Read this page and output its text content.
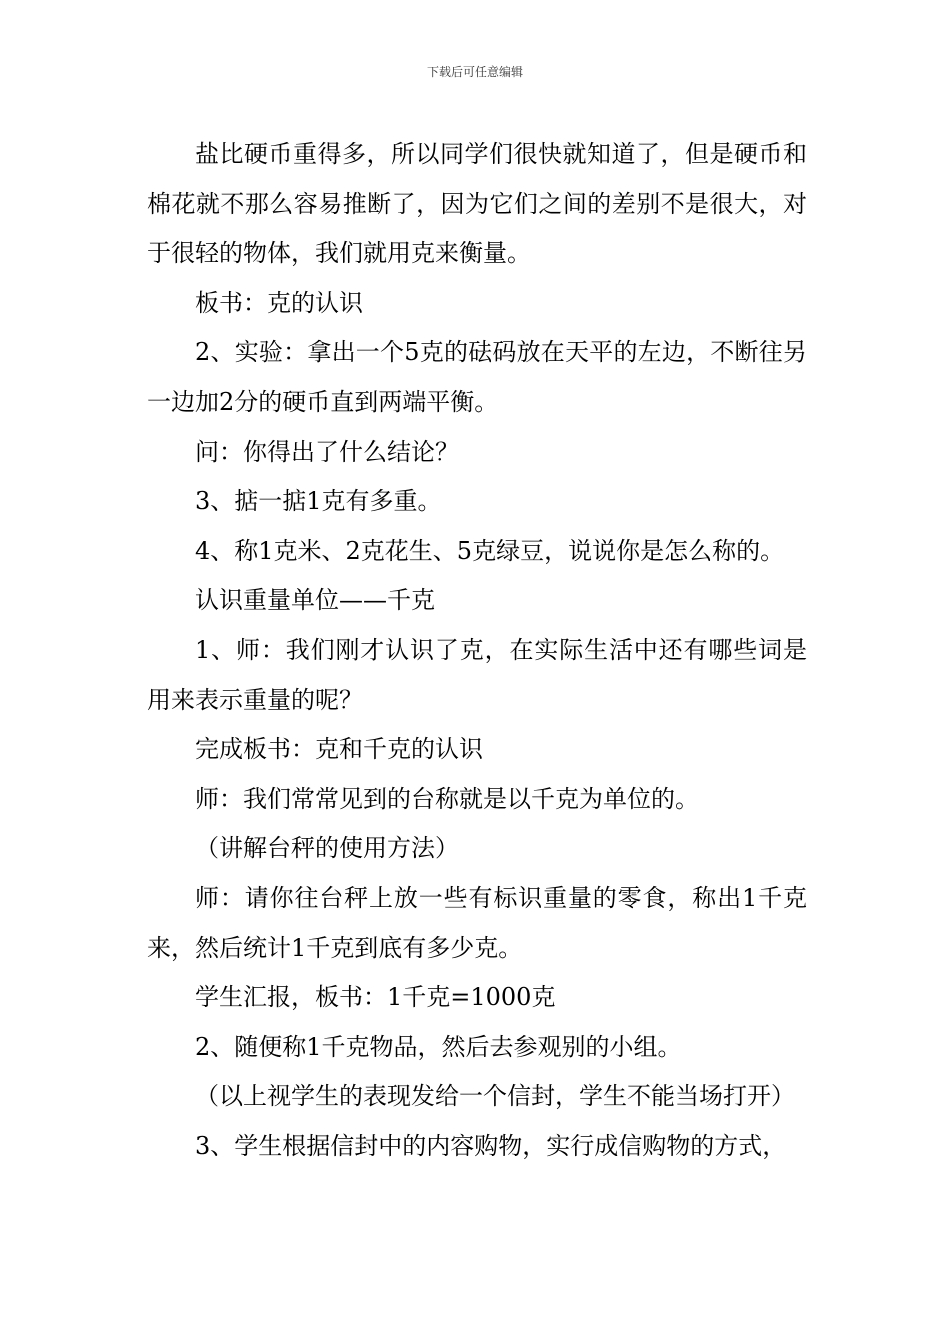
下载后可任意编辑

盐比硬币重得多，所以同学们很快就知道了，但是硬币和棉花就不那么容易推断了，因为它们之间的差别不是很大，对于很轻的物体，我们就用克来衡量。

板书：克的认识

2、实验：拿出一个5克的砝码放在天平的左边，不断往另一边加2分的硬币直到两端平衡。

问：你得出了什么结论？

3、掂一掂1克有多重。

4、称1克米、2克花生、5克绿豆，说说你是怎么称的。

认识重量单位——千克

1、师：我们刚才认识了克，在实际生活中还有哪些词是用来表示重量的呢？

完成板书：克和千克的认识

师：我们常常见到的台称就是以千克为单位的。

（讲解台秤的使用方法）

师：请你往台秤上放一些有标识重量的零食，称出1千克来，然后统计1千克到底有多少克。

学生汇报，板书：1千克=1000克

2、随便称1千克物品，然后去参观别的小组。

（以上视学生的表现发给一个信封，学生不能当场打开）

3、学生根据信封中的内容购物，实行成信购物的方式，
